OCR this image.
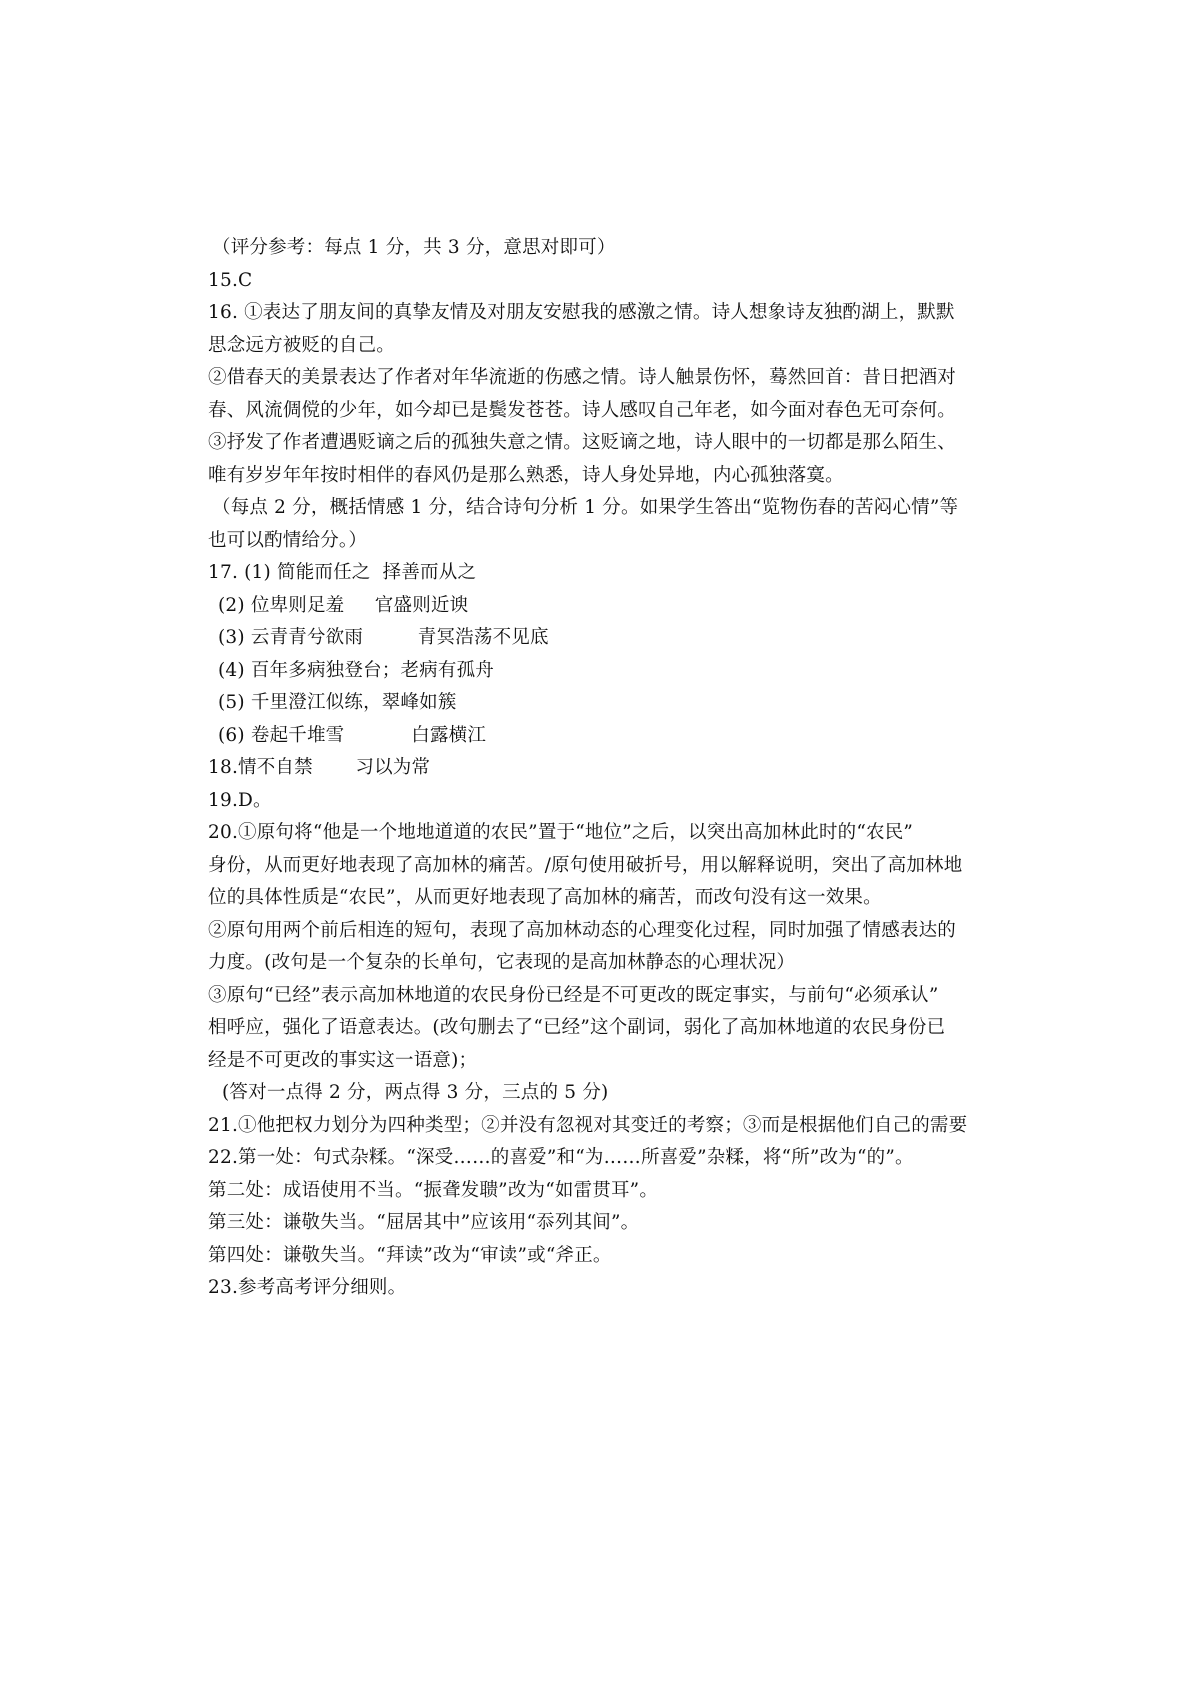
（评分参考：每点 1 分，共 3 分，意思对即可）
15.C
16. ①表达了朋友间的真挚友情及对朋友安慰我的感激之情。诗人想象诗友独酌湖上，默默
思念远方被贬的自己。
②借春天的美景表达了作者对年华流逝的伤感之情。诗人触景伤怀，蓦然回首：昔日把酒对
春、风流倜傥的少年，如今却已是鬓发苍苍。诗人感叹自己年老，如今面对春色无可奈何。
③抒发了作者遭遇贬谪之后的孤独失意之情。这贬谪之地，诗人眼中的一切都是那么陌生、
唯有岁岁年年按时相伴的春风仍是那么熟悉，诗人身处异地，内心孤独落寞。
（每点 2 分，概括情感 1 分，结合诗句分析 1 分。如果学生答出“览物伤春的苦闷心情”等
也可以酌情给分。）
17. (1) 简能而任之  择善而从之
(2) 位卑则足羞     官盛则近谀
(3) 云青青兮欲雨         青冥浩荡不见底
(4) 百年多病独登台；老病有孤舟
(5) 千里澄江似练，翠峰如簇
(6) 卷起千堆雪           白露横江
18.情不自禁       习以为常
19.D。
20.①原句将“他是一个地地道道的农民”置于“地位”之后，以突出高加林此时的“农民”
身份，从而更好地表现了高加林的痛苦。/原句使用破折号，用以解释说明，突出了高加林地
位的具体性质是“农民”，从而更好地表现了高加林的痛苦，而改句没有这一效果。
②原句用两个前后相连的短句，表现了高加林动态的心理变化过程，同时加强了情感表达的
力度。(改句是一个复杂的长单句，它表现的是高加林静态的心理状况）
③原句“已经”表示高加林地道的农民身份已经是不可更改的既定事实，与前句“必须承认”
相呼应，强化了语意表达。(改句删去了“已经”这个副词，弱化了高加林地道的农民身份已
经是不可更改的事实这一语意)；
(答对一点得 2 分，两点得 3 分，三点的 5 分)
21.①他把权力划分为四种类型；②并没有忽视对其变迁的考察；③而是根据他们自己的需要
22.第一处：句式杂糅。“深受……的喜爱”和“为……所喜爱”杂糅，将“所”改为“的”。
第二处：成语使用不当。“振聋发聩”改为“如雷贯耳”。
第三处：谦敬失当。“屈居其中”应该用“忝列其间”。
第四处：谦敬失当。“拜读”改为“审读”或“斧正。
23.参考高考评分细则。
